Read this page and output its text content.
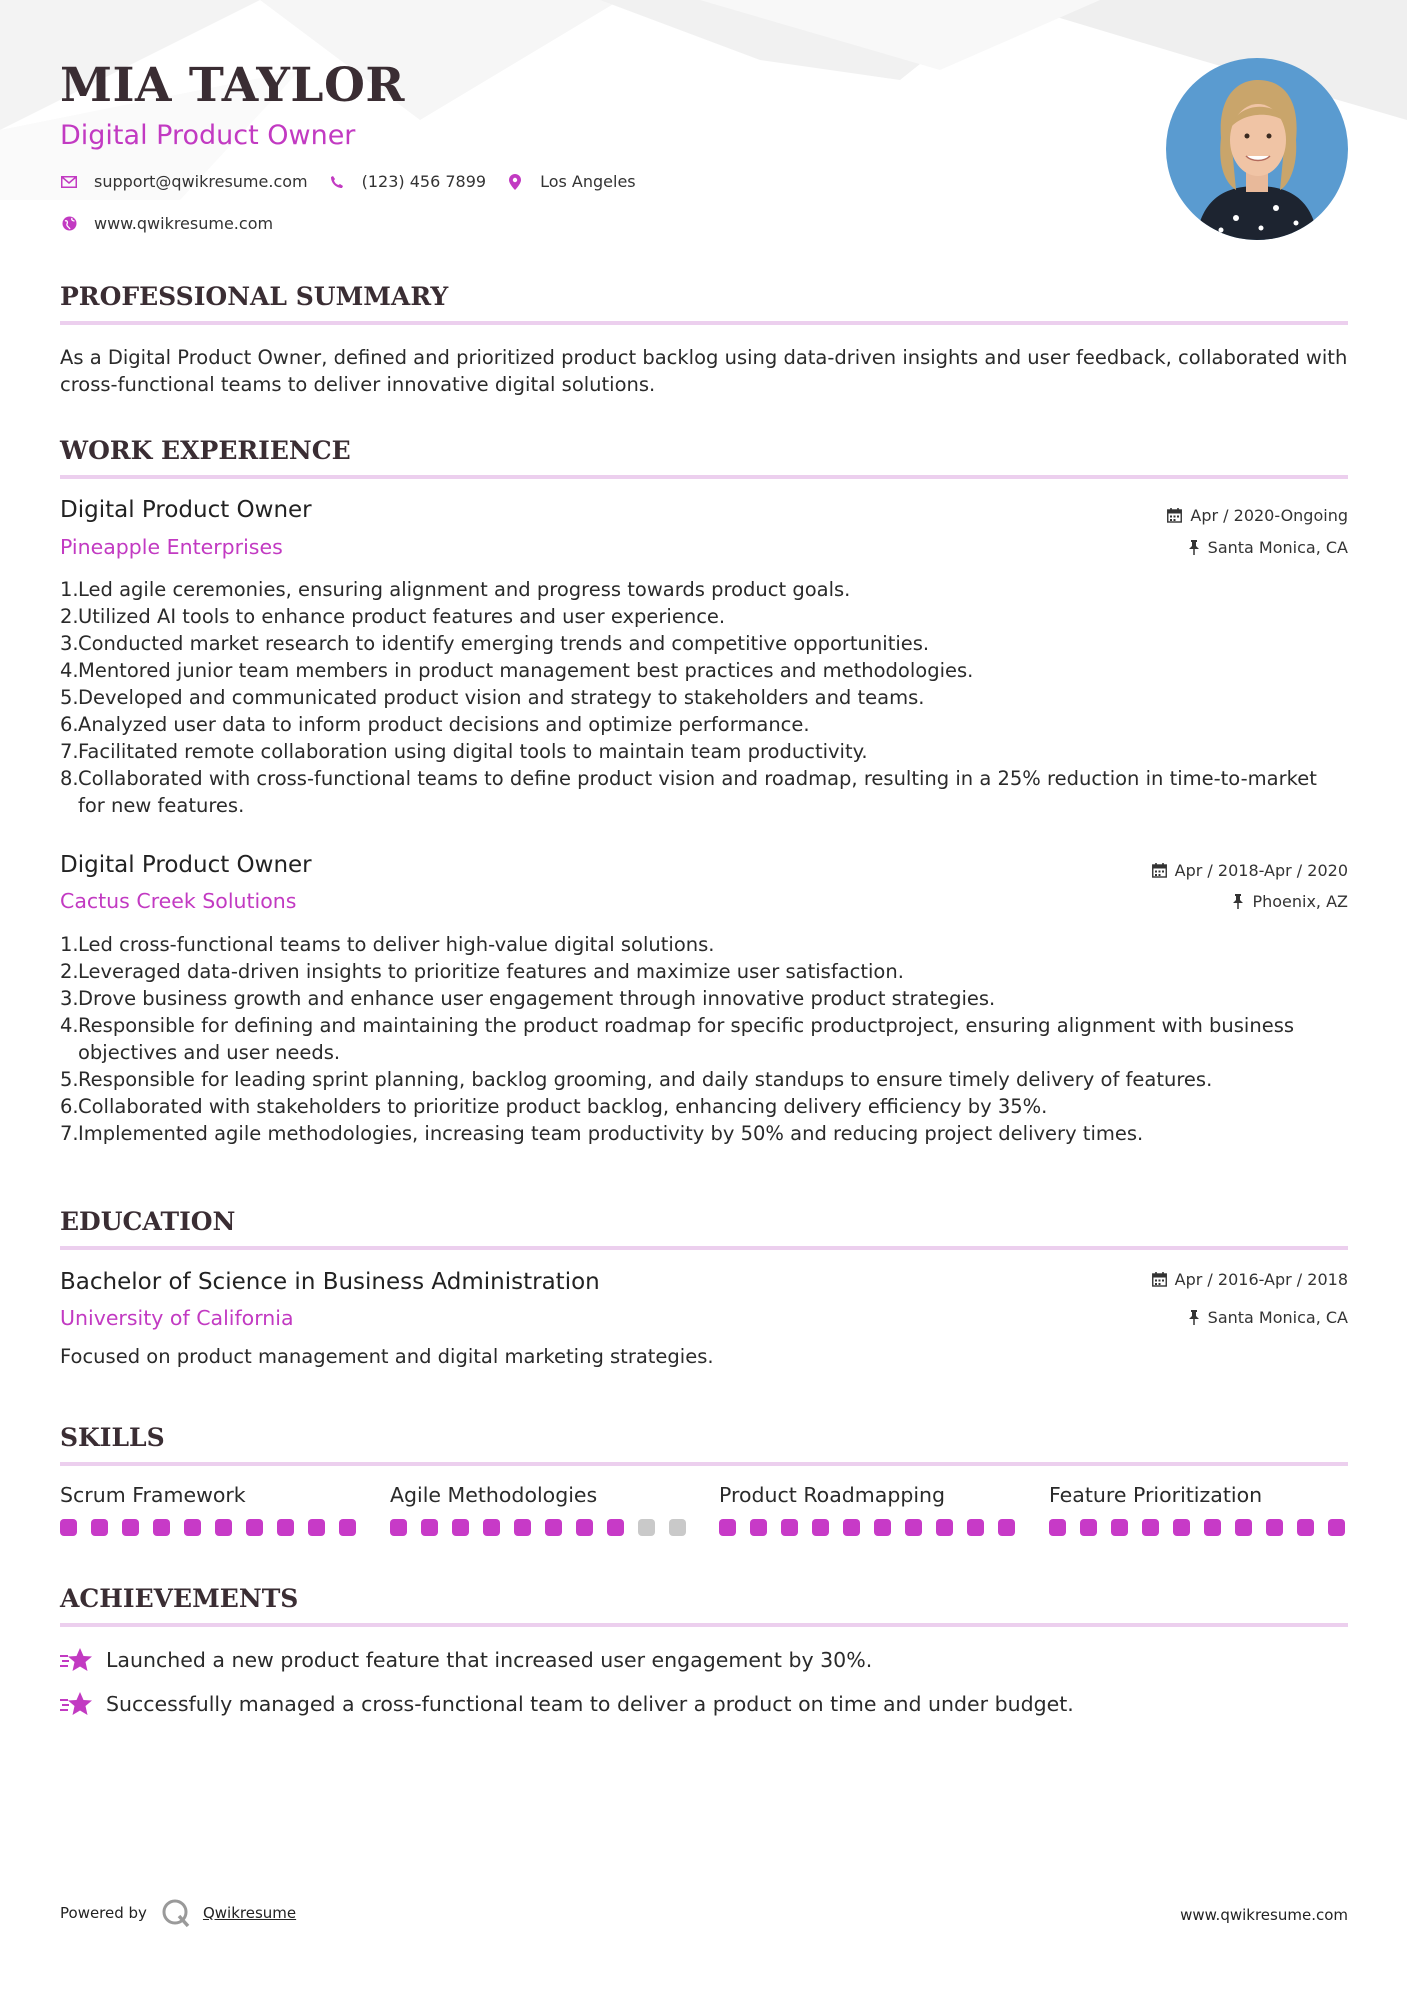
MIA TAYLOR
Digital Product Owner
support@qwikresume.com	(123) 456 7899	Los Angeles
www.qwikresume.com
PROFESSIONAL SUMMARY
As a Digital Product Owner, defined and prioritized product backlog using data-driven insights and user feedback, collaborated with cross-functional teams to deliver innovative digital solutions.
WORK EXPERIENCE
Digital Product Owner	Apr / 2020-Ongoing
Pineapple Enterprises	Santa Monica, CA
1. Led agile ceremonies, ensuring alignment and progress towards product goals.
2. Utilized AI tools to enhance product features and user experience.
3. Conducted market research to identify emerging trends and competitive opportunities.
4. Mentored junior team members in product management best practices and methodologies.
5. Developed and communicated product vision and strategy to stakeholders and teams.
6. Analyzed user data to inform product decisions and optimize performance.
7. Facilitated remote collaboration using digital tools to maintain team productivity.
8. Collaborated with cross-functional teams to define product vision and roadmap, resulting in a 25% reduction in time-to-market for new features.
Digital Product Owner	Apr / 2018-Apr / 2020
Cactus Creek Solutions	Phoenix, AZ
1. Led cross-functional teams to deliver high-value digital solutions.
2. Leveraged data-driven insights to prioritize features and maximize user satisfaction.
3. Drove business growth and enhance user engagement through innovative product strategies.
4. Responsible for defining and maintaining the product roadmap for specific productproject, ensuring alignment with business objectives and user needs.
5. Responsible for leading sprint planning, backlog grooming, and daily standups to ensure timely delivery of features.
6. Collaborated with stakeholders to prioritize product backlog, enhancing delivery efficiency by 35%.
7. Implemented agile methodologies, increasing team productivity by 50% and reducing project delivery times.
EDUCATION
Bachelor of Science in Business Administration	Apr / 2016-Apr / 2018
University of California	Santa Monica, CA
Focused on product management and digital marketing strategies.
SKILLS
Scrum Framework	Agile Methodologies	Product Roadmapping	Feature Prioritization
ACHIEVEMENTS
Launched a new product feature that increased user engagement by 30%.
Successfully managed a cross-functional team to deliver a product on time and under budget.
Powered by	Qwikresume	www.qwikresume.com
